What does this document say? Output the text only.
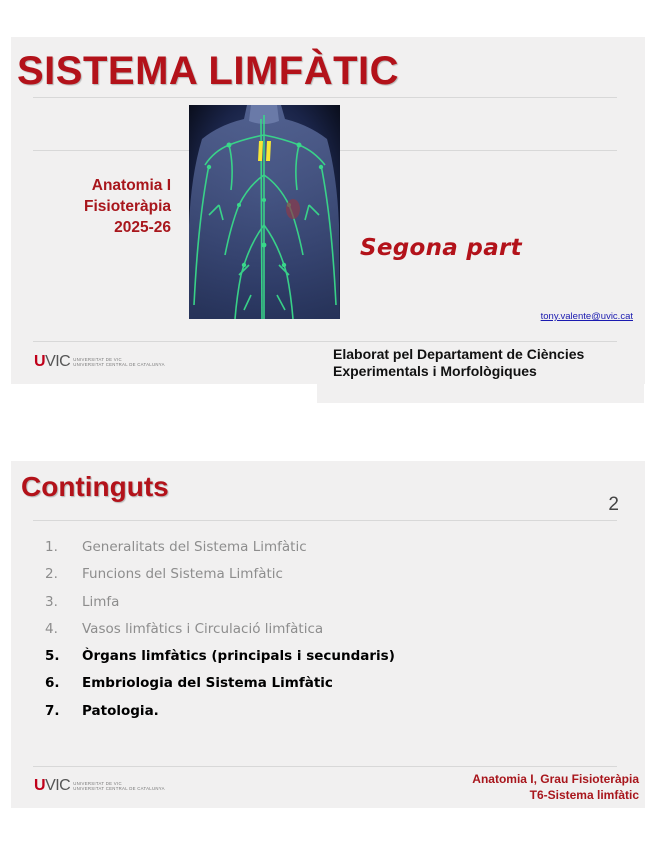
SISTEMA LIMFÀTIC
Anatomia I
Fisioteràpia
2025-26
Segona part
tony.valente@uvic.cat
UVIC UNIVERSITAT DE VIC
UNIVERSITAT CENTRAL DE CATALUNYA
Elaborat pel Departament de Ciències
Experimentals i Morfològiques
Continguts
2
1.	Generalitats del Sistema Limfàtic
2.	Funcions del Sistema Limfàtic
3.	Limfa
4.	Vasos limfàtics i Circulació limfàtica
5.	Òrgans limfàtics (principals i secundaris)
6.	Embriologia del Sistema Limfàtic
7.	Patologia.
UVIC UNIVERSITAT DE VIC
UNIVERSITAT CENTRAL DE CATALUNYA
Anatomia I, Grau Fisioteràpia
T6-Sistema limfàtic
